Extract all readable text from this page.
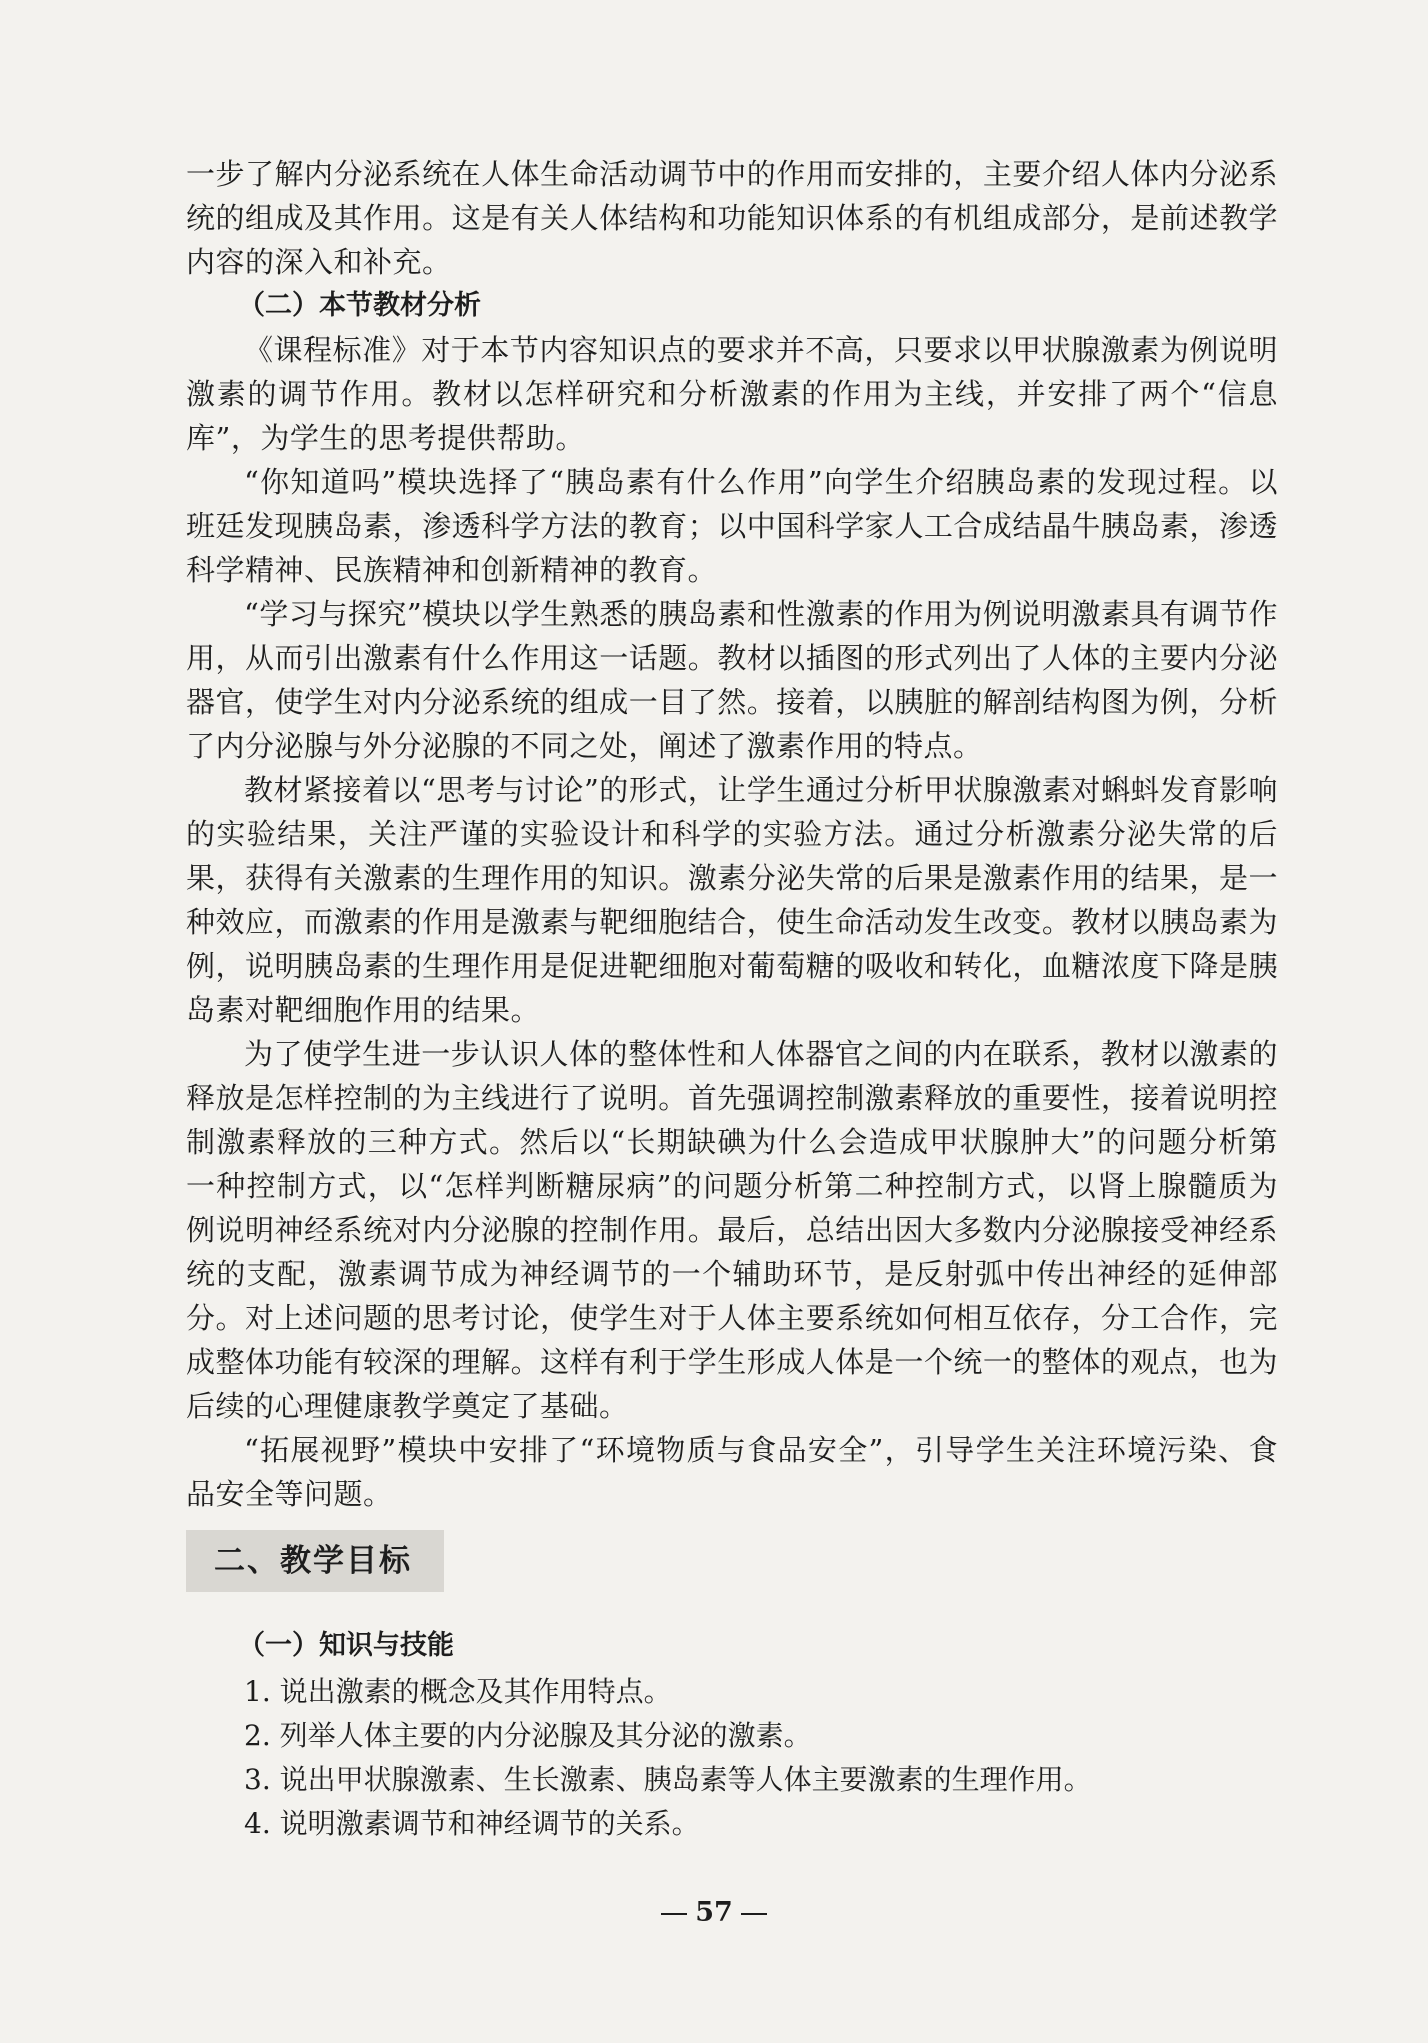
一步了解内分泌系统在人体生命活动调节中的作用而安排的，主要介绍人体内分泌系统的组成及其作用。这是有关人体结构和功能知识体系的有机组成部分，是前述教学内容的深入和补充。

（二）本节教材分析

《课程标准》对于本节内容知识点的要求并不高，只要求以甲状腺激素为例说明激素的调节作用。教材以怎样研究和分析激素的作用为主线，并安排了两个“信息库”，为学生的思考提供帮助。

“你知道吗”模块选择了“胰岛素有什么作用”向学生介绍胰岛素的发现过程。以班廷发现胰岛素，渗透科学方法的教育；以中国科学家人工合成结晶牛胰岛素，渗透科学精神、民族精神和创新精神的教育。

“学习与探究”模块以学生熟悉的胰岛素和性激素的作用为例说明激素具有调节作用，从而引出激素有什么作用这一话题。教材以插图的形式列出了人体的主要内分泌器官，使学生对内分泌系统的组成一目了然。接着，以胰脏的解剖结构图为例，分析了内分泌腺与外分泌腺的不同之处，阐述了激素作用的特点。

教材紧接着以“思考与讨论”的形式，让学生通过分析甲状腺激素对蝌蚪发育影响的实验结果，关注严谨的实验设计和科学的实验方法。通过分析激素分泌失常的后果，获得有关激素的生理作用的知识。激素分泌失常的后果是激素作用的结果，是一种效应，而激素的作用是激素与靶细胞结合，使生命活动发生改变。教材以胰岛素为例，说明胰岛素的生理作用是促进靶细胞对葡萄糖的吸收和转化，血糖浓度下降是胰岛素对靶细胞作用的结果。

为了使学生进一步认识人体的整体性和人体器官之间的内在联系，教材以激素的释放是怎样控制的为主线进行了说明。首先强调控制激素释放的重要性，接着说明控制激素释放的三种方式。然后以“长期缺碘为什么会造成甲状腺肿大”的问题分析第一种控制方式，以“怎样判断糖尿病”的问题分析第二种控制方式，以肾上腺髓质为例说明神经系统对内分泌腺的控制作用。最后，总结出因大多数内分泌腺接受神经系统的支配，激素调节成为神经调节的一个辅助环节，是反射弧中传出神经的延伸部分。对上述问题的思考讨论，使学生对于人体主要系统如何相互依存，分工合作，完成整体功能有较深的理解。这样有利于学生形成人体是一个统一的整体的观点，也为后续的心理健康教学奠定了基础。

“拓展视野”模块中安排了“环境物质与食品安全”，引导学生关注环境污染、食品安全等问题。

二、教学目标

（一）知识与技能

1. 说出激素的概念及其作用特点。

2. 列举人体主要的内分泌腺及其分泌的激素。

3. 说出甲状腺激素、生长激素、胰岛素等人体主要激素的生理作用。

4. 说明激素调节和神经调节的关系。

57
